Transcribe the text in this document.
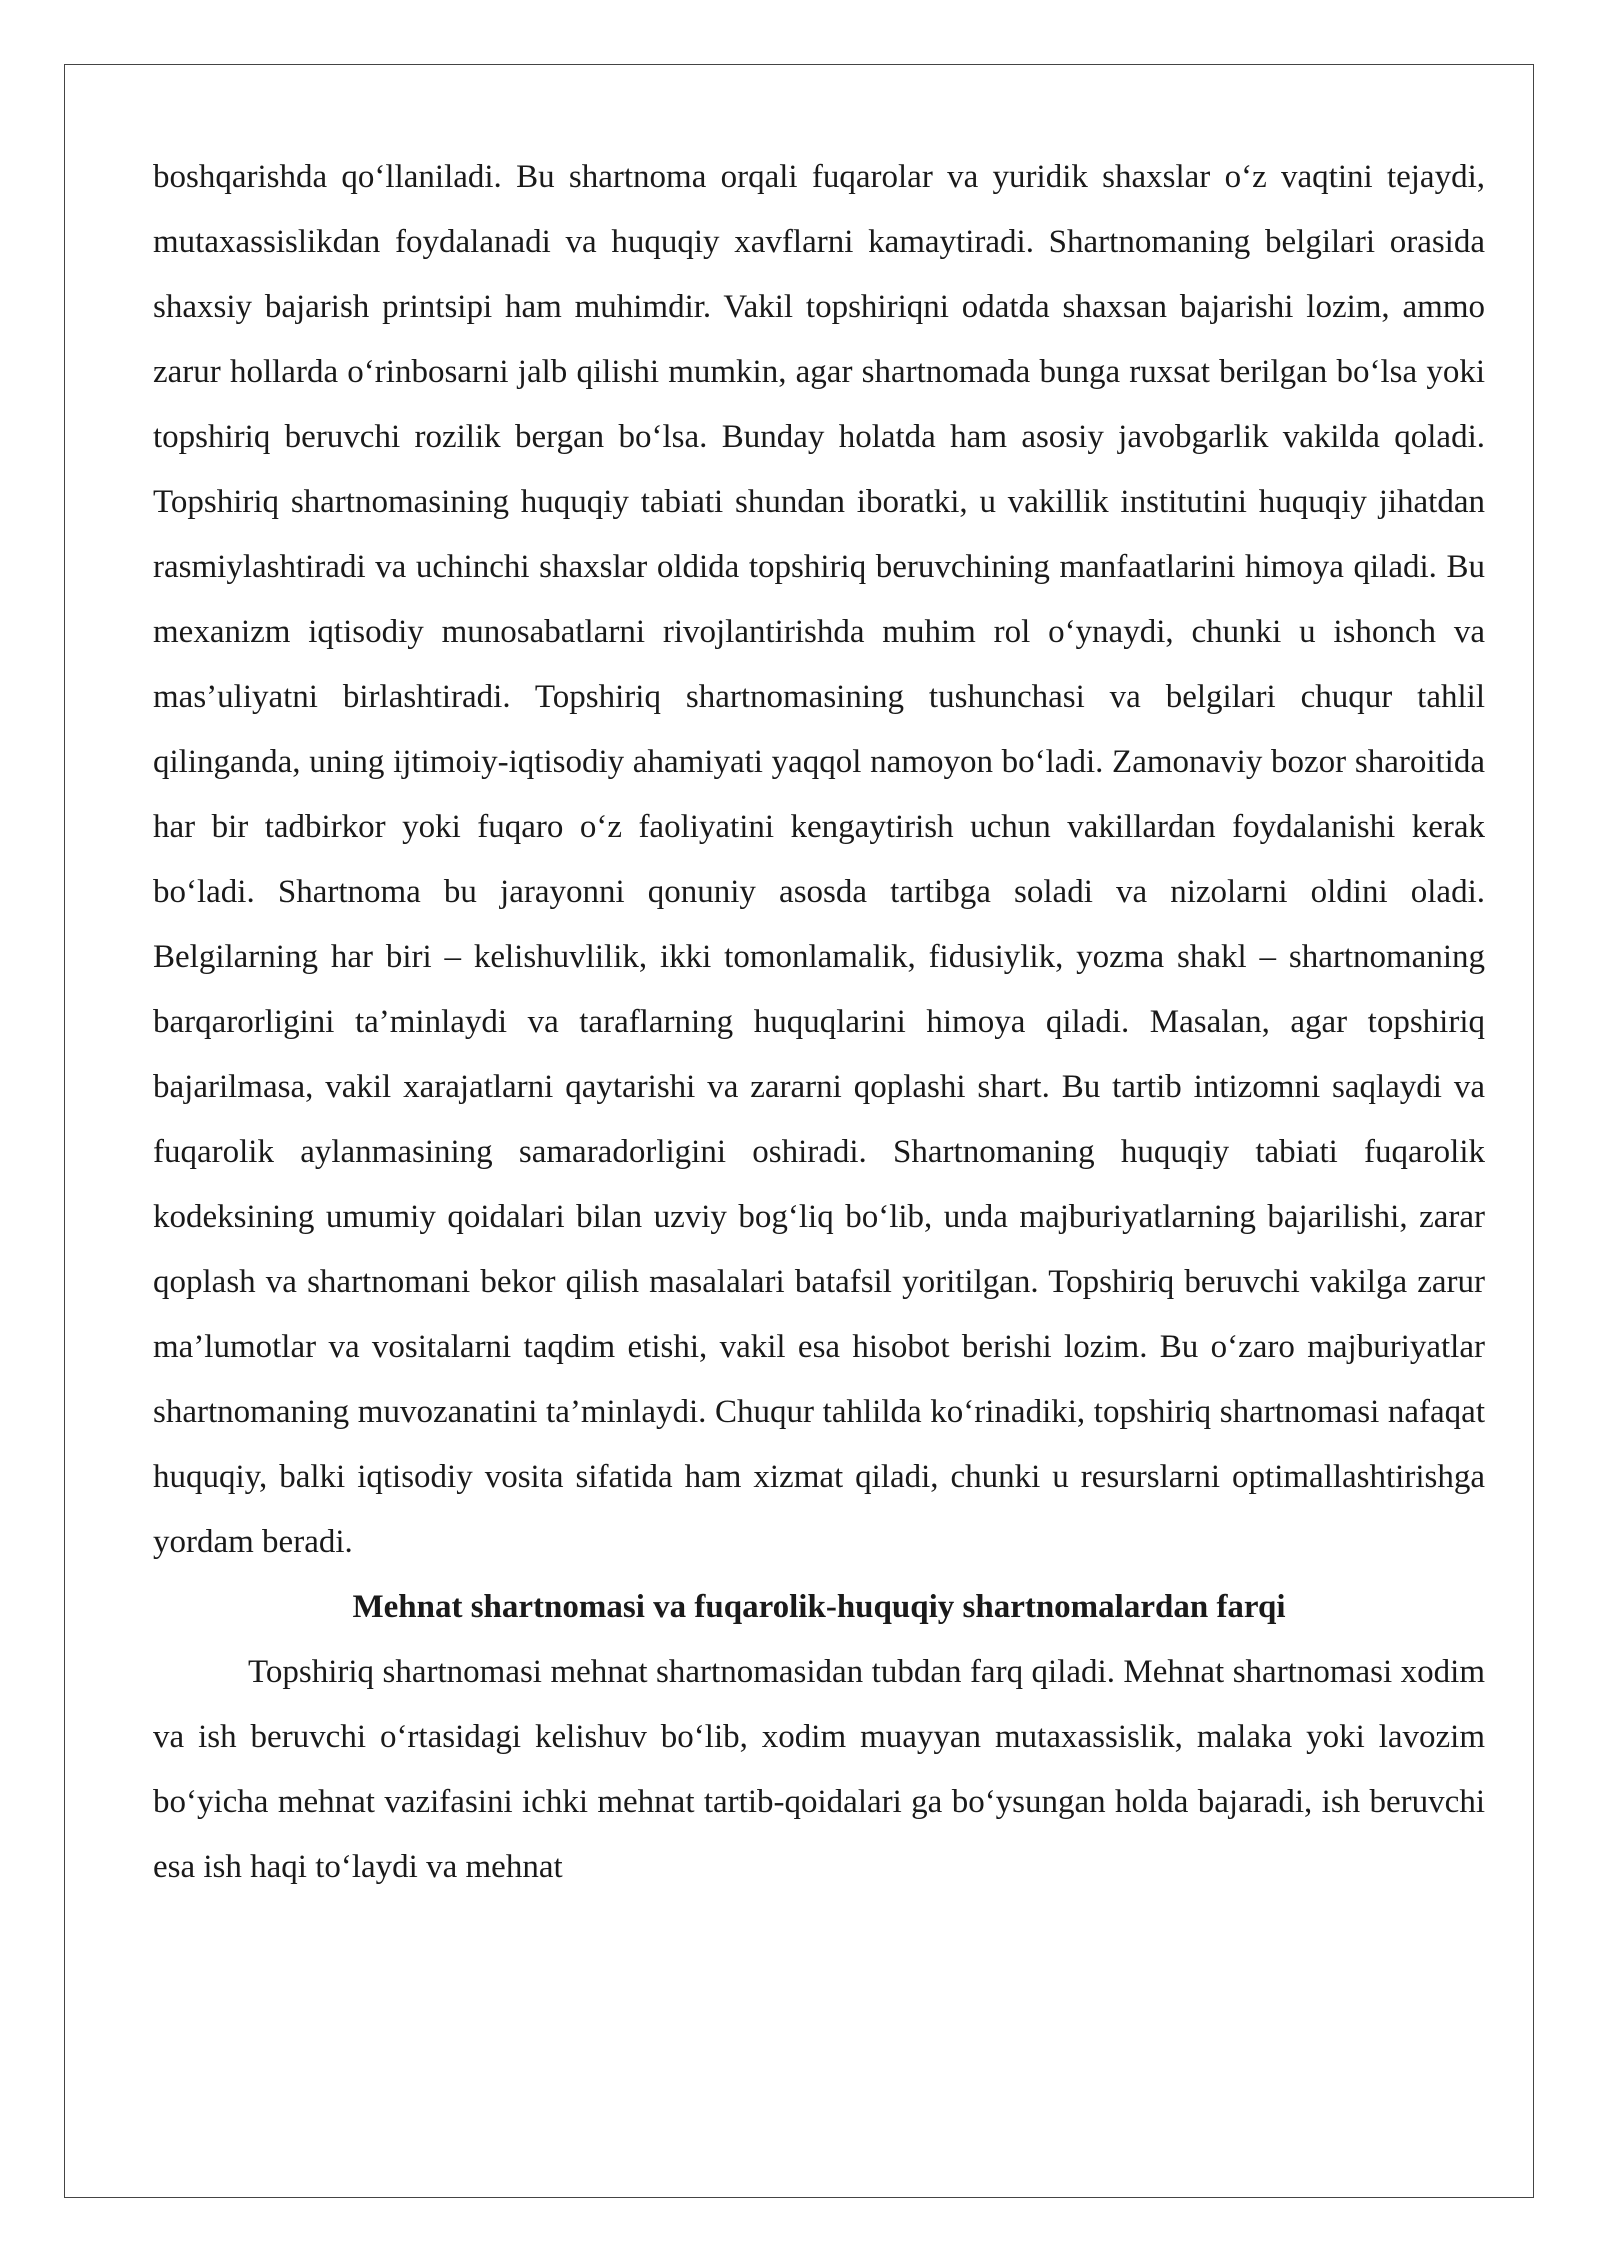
boshqarishda qo‘llaniladi. Bu shartnoma orqali fuqarolar va yuridik shaxslar o‘z vaqtini tejaydi, mutaxassislikdan foydalanadi va huquqiy xavflarni kamaytiradi. Shartnomaning belgilari orasida shaxsiy bajarish printsipi ham muhimdir. Vakil topshiriqni odatda shaxsan bajarishi lozim, ammo zarur hollarda o‘rinbosarni jalb qilishi mumkin, agar shartnomada bunga ruxsat berilgan bo‘lsa yoki topshiriq beruvchi rozilik bergan bo‘lsa. Bunday holatda ham asosiy javobgarlik vakilda qoladi. Topshiriq shartnomasining huquqiy tabiati shundan iboratki, u vakillik institutini huquqiy jihatdan rasmiylashtiradi va uchinchi shaxslar oldida topshiriq beruvchining manfaatlarini himoya qiladi. Bu mexanizm iqtisodiy munosabatlarni rivojlantirishda muhim rol o‘ynaydi, chunki u ishonch va mas’uliyatni birlashtiradi. Topshiriq shartnomasining tushunchasi va belgilari chuqur tahlil qilinganda, uning ijtimoiy-iqtisodiy ahamiyati yaqqol namoyon bo‘ladi. Zamonaviy bozor sharoitida har bir tadbirkor yoki fuqaro o‘z faoliyatini kengaytirish uchun vakillardan foydalanishi kerak bo‘ladi. Shartnoma bu jarayonni qonuniy asosda tartibga soladi va nizolarni oldini oladi. Belgilarning har biri – kelishuvlilik, ikki tomonlamalik, fidusiylik, yozma shakl – shartnomaning barqarorligini ta’minlaydi va taraflarning huquqlarini himoya qiladi. Masalan, agar topshiriq bajarilmasa, vakil xarajatlarni qaytarishi va zararni qoplashi shart. Bu tartib intizomni saqlaydi va fuqarolik aylanmasining samaradorligini oshiradi. Shartnomaning huquqiy tabiati fuqarolik kodeksining umumiy qoidalari bilan uzviy bog‘liq bo‘lib, unda majburiyatlarning bajarilishi, zarar qoplash va shartnomani bekor qilish masalalari batafsil yoritilgan. Topshiriq beruvchi vakilga zarur ma’lumotlar va vositalarni taqdim etishi, vakil esa hisobot berishi lozim. Bu o‘zaro majburiyatlar shartnomaning muvozanatini ta’minlaydi. Chuqur tahlilda ko‘rinadiki, topshiriq shartnomasi nafaqat huquqiy, balki iqtisodiy vosita sifatida ham xizmat qiladi, chunki u resurslarni optimallashtirishga yordam beradi.

Mehnat shartnomasi va fuqarolik-huquqiy shartnomalardan farqi

Topshiriq shartnomasi mehnat shartnomasidan tubdan farq qiladi. Mehnat shartnomasi xodim va ish beruvchi o‘rtasidagi kelishuv bo‘lib, xodim muayyan mutaxassislik, malaka yoki lavozim bo‘yicha mehnat vazifasini ichki mehnat tartib-qoidalari ga bo‘ysungan holda bajaradi, ish beruvchi esa ish haqi to‘laydi va mehnat
